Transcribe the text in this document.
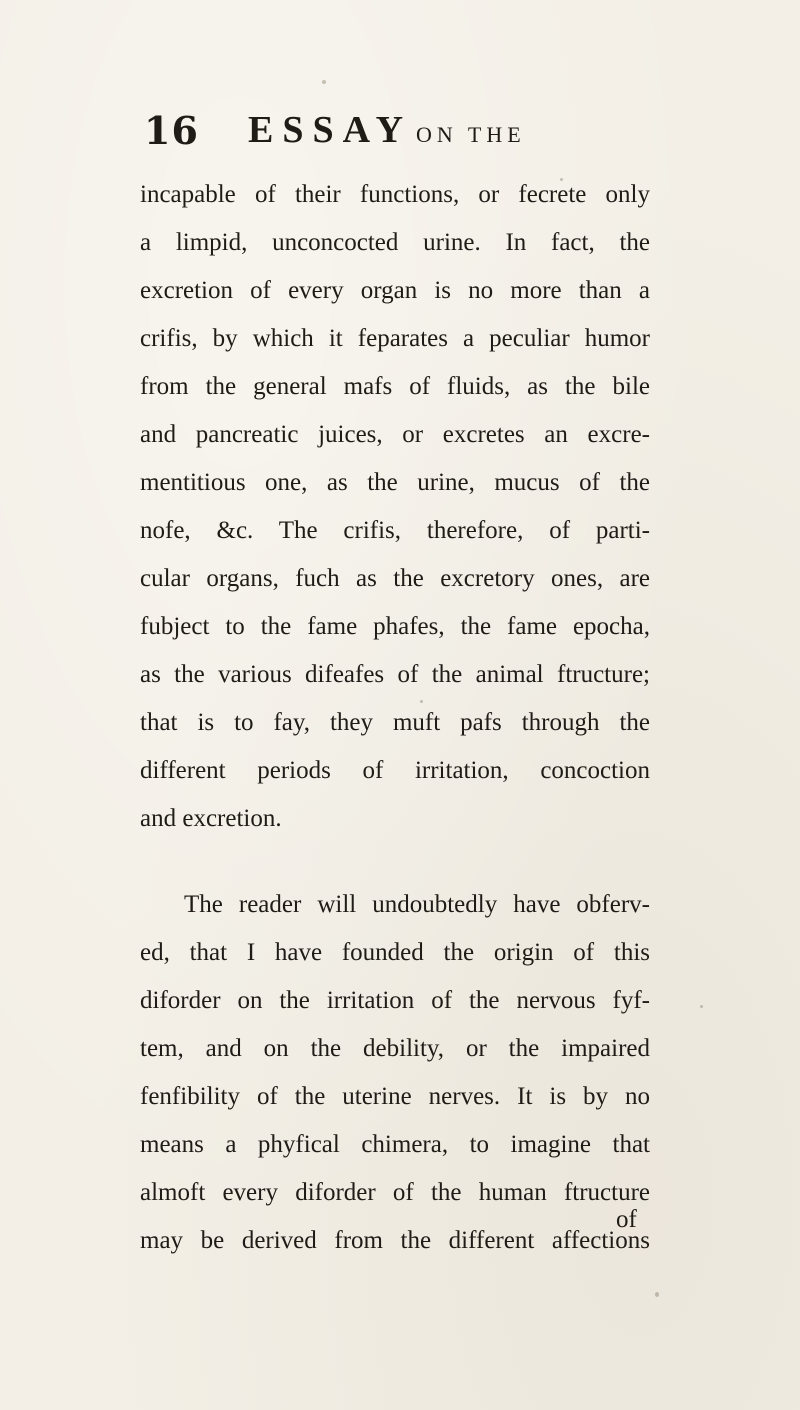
16 ESSAY ON THE
incapable of their functions, or fecrete only
a limpid, unconcocted urine. In fact, the
excretion of every organ is no more than a
crifis, by which it feparates a peculiar humor
from the general mafs of fluids, as the bile
and pancreatic juices, or excretes an excre-
mentitious one, as the urine, mucus of the
nofe, &c. The crifis, therefore, of parti-
cular organs, fuch as the excretory ones, are
fubject to the fame phafes, the fame epocha,
as the various difeafes of the animal ftructure;
that is to fay, they muft pafs through the
different periods of irritation, concoction
and excretion.
The reader will undoubtedly have obferv-
ed, that I have founded the origin of this
diforder on the irritation of the nervous fyf-
tem, and on the debility, or the impaired
fenfibility of the uterine nerves. It is by no
means a phyfical chimera, to imagine that
almoft every diforder of the human ftructure
may be derived from the different affections
of
